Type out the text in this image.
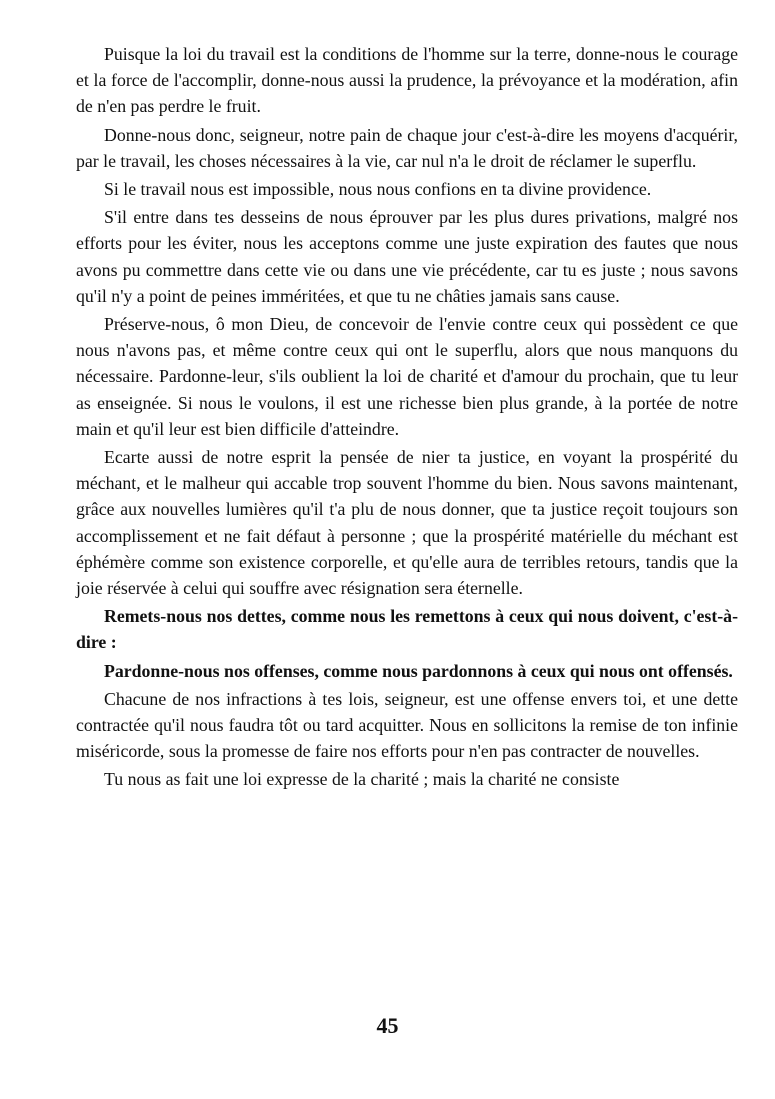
Puisque la loi du travail est la conditions de l'homme sur la terre, donne-nous le courage et la force de l'accomplir, donne-nous aussi la prudence, la prévoyance et la modération, afin de n'en pas perdre le fruit.

Donne-nous donc, seigneur, notre pain de chaque jour c'est-à-dire les moyens d'acquérir, par le travail, les choses nécessaires à la vie, car nul n'a le droit de réclamer le superflu.

Si le travail nous est impossible, nous nous confions en ta divine providence.

S'il entre dans tes desseins de nous éprouver par les plus dures privations, malgré nos efforts pour les éviter, nous les acceptons comme une juste expiration des fautes que nous avons pu commettre dans cette vie ou dans une vie précédente, car tu es juste ; nous savons qu'il n'y a point de peines imméritées, et que tu ne châties jamais sans cause.

Préserve-nous, ô mon Dieu, de concevoir de l'envie contre ceux qui possèdent ce que nous n'avons pas, et même contre ceux qui ont le superflu, alors que nous manquons du nécessaire. Pardonne-leur, s'ils oublient la loi de charité et d'amour du prochain, que tu leur as enseignée. Si nous le voulons, il est une richesse bien plus grande, à la portée de notre main et qu'il leur est bien difficile d'atteindre.

Ecarte aussi de notre esprit la pensée de nier ta justice, en voyant la prospérité du méchant, et le malheur qui accable trop souvent l'homme du bien. Nous savons maintenant, grâce aux nouvelles lumières qu'il t'a plu de nous donner, que ta justice reçoit toujours son accomplissement et ne fait défaut à personne ; que la prospérité matérielle du méchant est éphémère comme son existence corporelle, et qu'elle aura de terribles retours, tandis que la joie réservée à celui qui souffre avec résignation sera éternelle.

Remets-nous nos dettes, comme nous les remettons à ceux qui nous doivent, c'est-à-dire :

Pardonne-nous nos offenses, comme nous pardonnons à ceux qui nous ont offensés.

Chacune de nos infractions à tes lois, seigneur, est une offense envers toi, et une dette contractée qu'il nous faudra tôt ou tard acquitter. Nous en sollicitons la remise de ton infinie miséricorde, sous la promesse de faire nos efforts pour n'en pas contracter de nouvelles.

Tu nous as fait une loi expresse de la charité ; mais la charité ne consiste

45
